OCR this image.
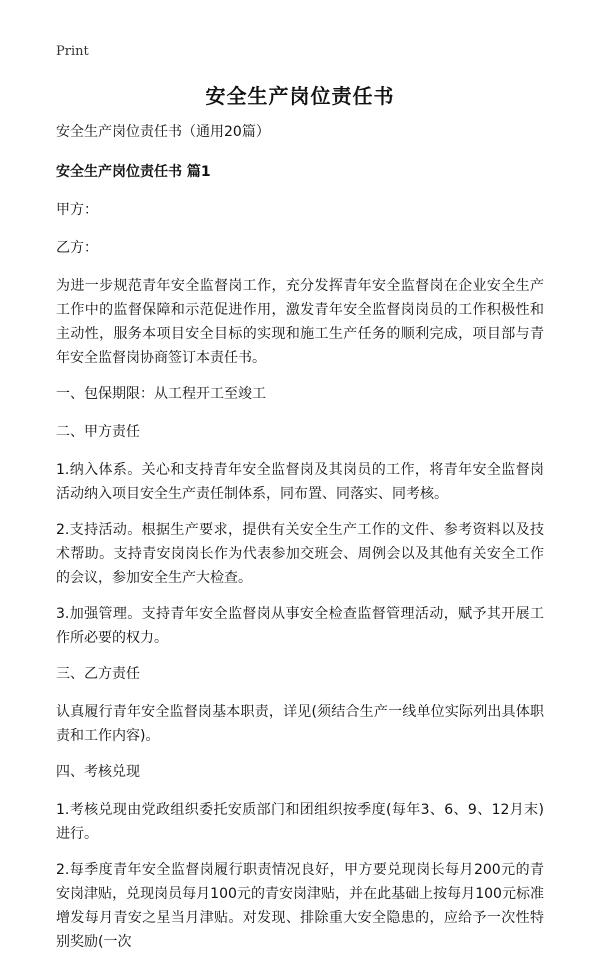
Print
安全生产岗位责任书

安全生产岗位责任书（通用20篇）

安全生产岗位责任书 篇1

甲方：

乙方：

为进一步规范青年安全监督岗工作，充分发挥青年安全监督岗在企业安全生产工作中的监督保障和示范促进作用，激发青年安全监督岗岗员的工作积极性和主动性，服务本项目安全目标的实现和施工生产任务的顺利完成，项目部与青年安全监督岗协商签订本责任书。

一、包保期限：从工程开工至竣工

二、甲方责任

1.纳入体系。关心和支持青年安全监督岗及其岗员的工作，将青年安全监督岗活动纳入项目安全生产责任制体系，同布置、同落实、同考核。

2.支持活动。根据生产要求，提供有关安全生产工作的文件、参考资料以及技术帮助。支持青安岗岗长作为代表参加交班会、周例会以及其他有关安全工作的会议，参加安全生产大检查。

3.加强管理。支持青年安全监督岗从事安全检查监督管理活动，赋予其开展工作所必要的权力。

三、乙方责任

认真履行青年安全监督岗基本职责，详见(须结合生产一线单位实际列出具体职责和工作内容)。

四、考核兑现

1.考核兑现由党政组织委托安质部门和团组织按季度(每年3、6、9、12月末)进行。

2.每季度青年安全监督岗履行职责情况良好，甲方要兑现岗长每月200元的青安岗津贴，兑现岗员每月100元的青安岗津贴，并在此基础上按每月100元标准增发每月青安之星当月津贴。对发现、排除重大安全隐患的，应给予一次性特别奖励(一次
